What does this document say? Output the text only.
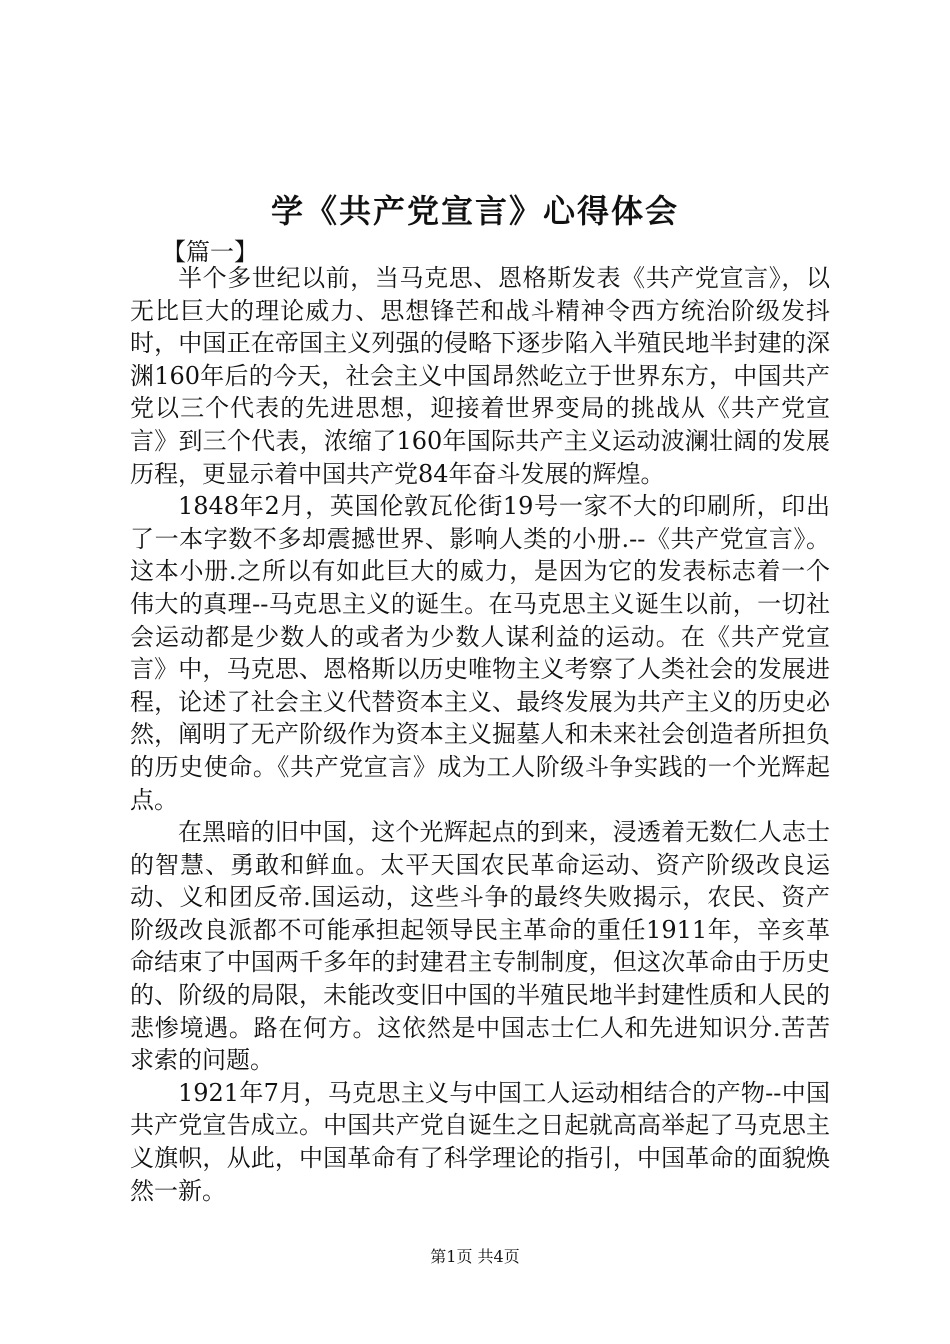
学《共产党宣言》心得体会
【篇一】

半个多世纪以前，当马克思、恩格斯发表《共产党宣言》，以无比巨大的理论威力、思想锋芒和战斗精神令西方统治阶级发抖时，中国正在帝国主义列强的侵略下逐步陷入半殖民地半封建的深渊160年后的今天，社会主义中国昂然屹立于世界东方，中国共产党以三个代表的先进思想，迎接着世界变局的挑战从《共产党宣言》到三个代表，浓缩了160年国际共产主义运动波澜壮阔的发展历程，更显示着中国共产党84年奋斗发展的辉煌。

1848年2月，英国伦敦瓦伦街19号一家不大的印刷所，印出了一本字数不多却震撼世界、影响人类的小册.--《共产党宣言》。这本小册.之所以有如此巨大的威力，是因为它的发表标志着一个伟大的真理--马克思主义的诞生。在马克思主义诞生以前，一切社会运动都是少数人的或者为少数人谋利益的运动。在《共产党宣言》中，马克思、恩格斯以历史唯物主义考察了人类社会的发展进程，论述了社会主义代替资本主义、最终发展为共产主义的历史必然，阐明了无产阶级作为资本主义掘墓人和未来社会创造者所担负的历史使命。《共产党宣言》成为工人阶级斗争实践的一个光辉起点。

在黑暗的旧中国，这个光辉起点的到来，浸透着无数仁人志士的智慧、勇敢和鲜血。太平天国农民革命运动、资产阶级改良运动、义和团反帝.国运动，这些斗争的最终失败揭示，农民、资产阶级改良派都不可能承担起领导民主革命的重任1911年，辛亥革命结束了中国两千多年的封建君主专制制度，但这次革命由于历史的、阶级的局限，未能改变旧中国的半殖民地半封建性质和人民的悲惨境遇。路在何方。这依然是中国志士仁人和先进知识分.苦苦求索的问题。

1921年7月，马克思主义与中国工人运动相结合的产物--中国共产党宣告成立。中国共产党自诞生之日起就高高举起了马克思主义旗帜，从此，中国革命有了科学理论的指引，中国革命的面貌焕然一新。

第1页 共4页
